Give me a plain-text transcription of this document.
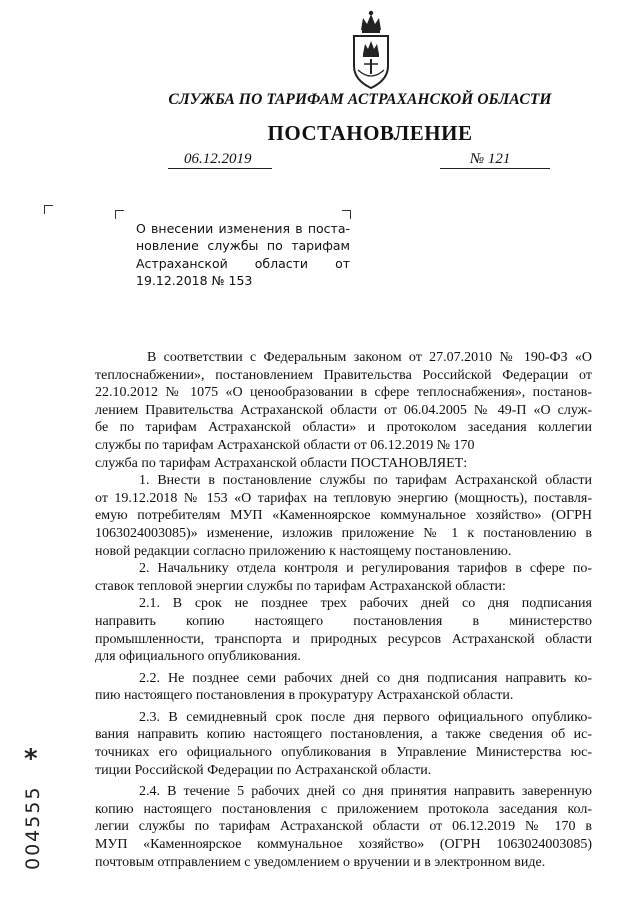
СЛУЖБА ПО ТАРИФАМ АСТРАХАНСКОЙ ОБЛАСТИ
ПОСТАНОВЛЕНИЕ
06.12.2019	№ 121
О внесении изменения в поста-
новление службы по тарифам
Астраханской области от
19.12.2018 № 153
В соответствии с Федеральным законом от 27.07.2010 № 190-ФЗ «О
теплоснабжении», постановлением Правительства Российской Федерации от
22.10.2012 № 1075 «О ценообразовании в сфере теплоснабжения», постанов-
лением Правительства Астраханской области от 06.04.2005 № 49-П «О служ-
бе по тарифам Астраханской области» и протоколом заседания коллегии
службы по тарифам Астраханской области от 06.12.2019 № 170
службa по тарифам Астраханской области ПОСТАНОВЛЯЕТ:
1. Внести в постановление службы по тарифам Астраханской области
от 19.12.2018 № 153 «О тарифах на тепловую энергию (мощность), поставля-
емую потребителям МУП «Каменноярское коммунальное хозяйство» (ОГРН
1063024003085)» изменение, изложив приложение № 1 к постановлению в
новой редакции согласно приложению к настоящему постановлению.
2. Начальнику отдела контроля и регулирования тарифов в сфере по-
ставок тепловой энергии службы по тарифам Астраханской области:
2.1. В срок не позднее трех рабочих дней со дня подписания
направить копию настоящего постановления в министерство
промышленности, транспорта и природных ресурсов Астраханской области
для официального опубликования.
2.2. Не позднее семи рабочих дней со дня подписания направить ко-
пию настоящего постановления в прокуратуру Астраханской области.
2.3. В семидневный срок после дня первого официального опублико-
вания направить копию настоящего постановления, а также сведения об ис-
точниках его официального опубликования в Управление Министерства юс-
тиции Российской Федерации по Астраханской области.
2.4. В течение 5 рабочих дней со дня принятия направить заверенную
копию настоящего постановления с приложением протокола заседания кол-
легии службы по тарифам Астраханской области от 06.12.2019 № 170 в
МУП «Каменноярское коммунальное хозяйство» (ОГРН 1063024003085)
почтовым отправлением с уведомлением о вручении и в электронном виде.
*
004555
